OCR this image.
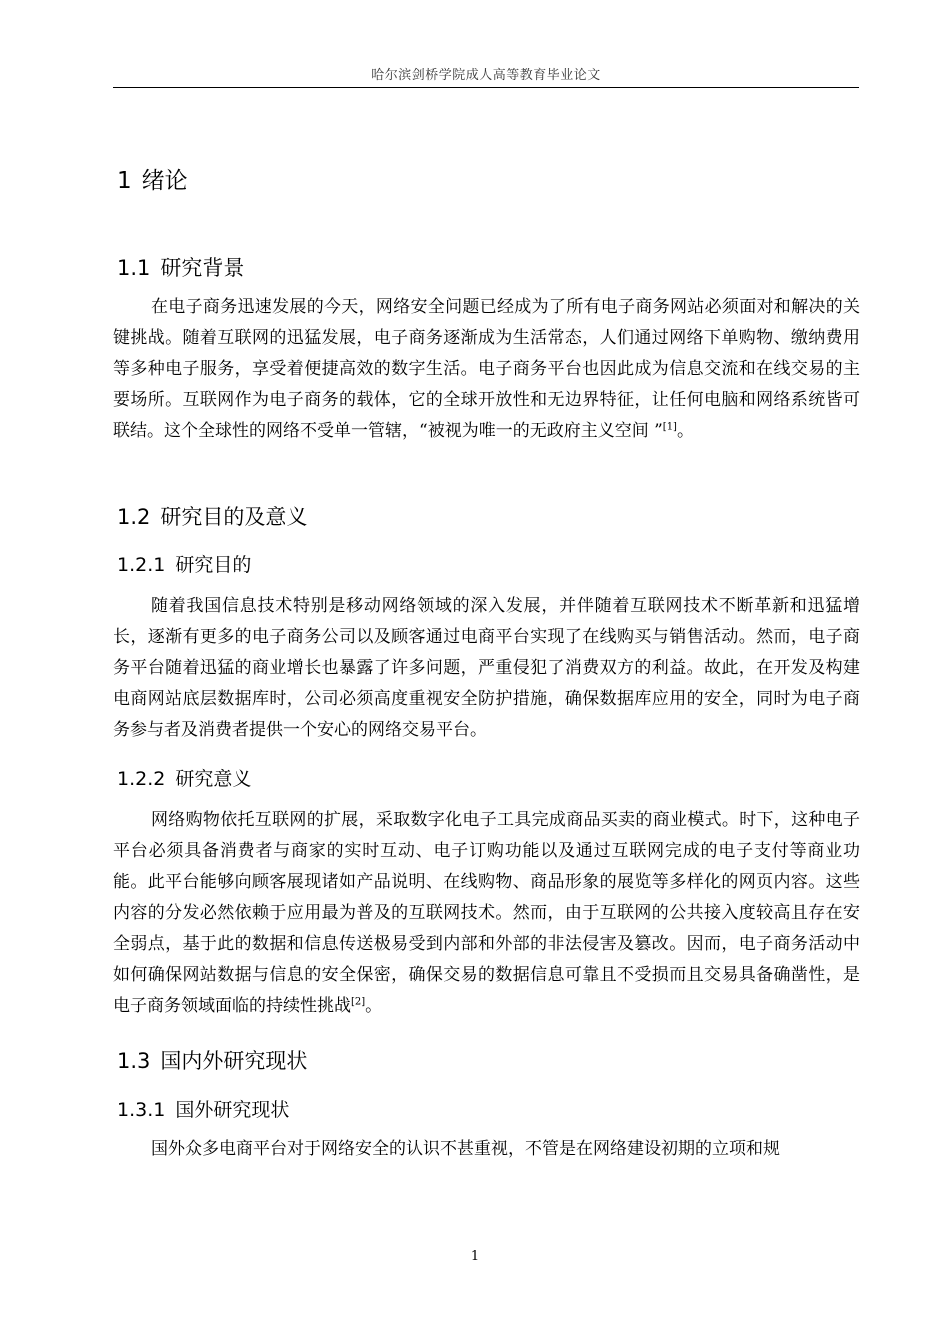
哈尔滨剑桥学院成人高等教育毕业论文
1 绪论
1.1 研究背景
在电子商务迅速发展的今天，网络安全问题已经成为了所有电子商务网站必须面对和解决的关键挑战。随着互联网的迅猛发展，电子商务逐渐成为生活常态，人们通过网络下单购物、缴纳费用等多种电子服务，享受着便捷高效的数字生活。电子商务平台也因此成为信息交流和在线交易的主要场所。互联网作为电子商务的载体，它的全球开放性和无边界特征，让任何电脑和网络系统皆可联结。这个全球性的网络不受单一管辖，“被视为唯一的无政府主义空间 ”[1]。
1.2 研究目的及意义
1.2.1 研究目的
随着我国信息技术特别是移动网络领域的深入发展，并伴随着互联网技术不断革新和迅猛增长，逐渐有更多的电子商务公司以及顾客通过电商平台实现了在线购买与销售活动。然而，电子商务平台随着迅猛的商业增长也暴露了许多问题，严重侵犯了消费双方的利益。故此，在开发及构建电商网站底层数据库时，公司必须高度重视安全防护措施，确保数据库应用的安全，同时为电子商务参与者及消费者提供一个安心的网络交易平台。
1.2.2 研究意义
网络购物依托互联网的扩展，采取数字化电子工具完成商品买卖的商业模式。时下，这种电子平台必须具备消费者与商家的实时互动、电子订购功能以及通过互联网完成的电子支付等商业功能。此平台能够向顾客展现诸如产品说明、在线购物、商品形象的展览等多样化的网页内容。这些内容的分发必然依赖于应用最为普及的互联网技术。然而，由于互联网的公共接入度较高且存在安全弱点，基于此的数据和信息传送极易受到内部和外部的非法侵害及篡改。因而，电子商务活动中如何确保网站数据与信息的安全保密，确保交易的数据信息可靠且不受损而且交易具备确凿性，是电子商务领域面临的持续性挑战[2]。
1.3 国内外研究现状
1.3.1 国外研究现状
国外众多电商平台对于网络安全的认识不甚重视，不管是在网络建设初期的立项和规
1
